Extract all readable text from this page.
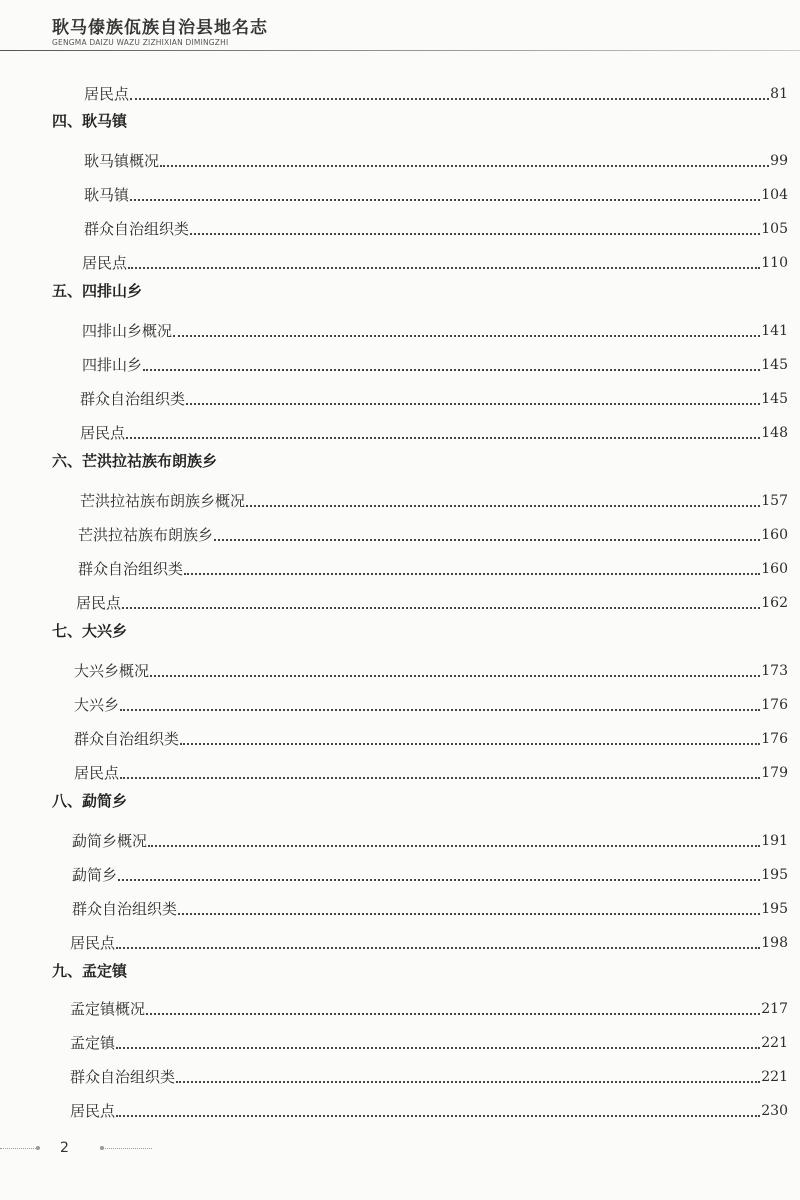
耿马傣族佤族自治县地名志
GENGMA DAIZU WAZU ZIZHIXIAN DIMINGZHI
居民点	81
四、耿马镇
耿马镇概况	99
耿马镇	104
群众自治组织类	105
居民点	110
五、四排山乡
四排山乡概况	141
四排山乡	145
群众自治组织类	145
居民点	148
六、芒洪拉祜族布朗族乡
芒洪拉祜族布朗族乡概况	157
芒洪拉祜族布朗族乡	160
群众自治组织类	160
居民点	162
七、大兴乡
大兴乡概况	173
大兴乡	176
群众自治组织类	176
居民点	179
八、勐简乡
勐简乡概况	191
勐简乡	195
群众自治组织类	195
居民点	198
九、孟定镇
孟定镇概况	217
孟定镇	221
群众自治组织类	221
居民点	230
2
